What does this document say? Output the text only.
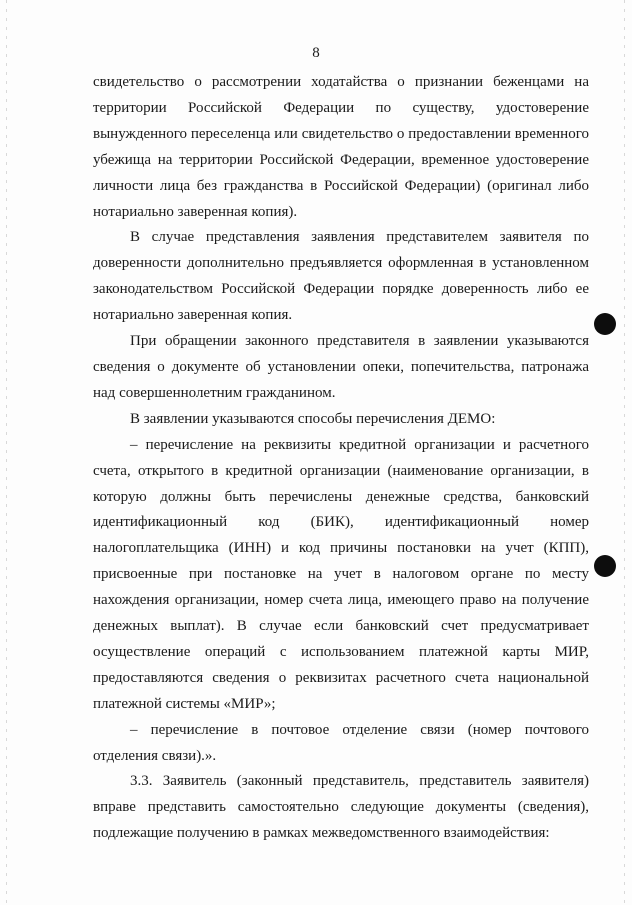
8

свидетельство о рассмотрении ходатайства о признании беженцами на территории Российской Федерации по существу, удостоверение вынужденного переселенца или свидетельство о предоставлении временного убежища на территории Российской Федерации, временное удостоверение личности лица без гражданства в Российской Федерации) (оригинал либо нотариально заверенная копия).

В случае представления заявления представителем заявителя по доверенности дополнительно предъявляется оформленная в установленном законодательством Российской Федерации порядке доверенность либо ее нотариально заверенная копия.

При обращении законного представителя в заявлении указываются сведения о документе об установлении опеки, попечительства, патронажа над совершеннолетним гражданином.

В заявлении указываются способы перечисления ДЕМО:

– перечисление на реквизиты кредитной организации и расчетного счета, открытого в кредитной организации (наименование организации, в которую должны быть перечислены денежные средства, банковский идентификационный код (БИК), идентификационный номер налогоплательщика (ИНН) и код причины постановки на учет (КПП), присвоенные при постановке на учет в налоговом органе по месту нахождения организации, номер счета лица, имеющего право на получение денежных выплат). В случае если банковский счет предусматривает осуществление операций с использованием платежной карты МИР, предоставляются сведения о реквизитах расчетного счета национальной платежной системы «МИР»;

– перечисление в почтовое отделение связи (номер почтового отделения связи).».

3.3. Заявитель (законный представитель, представитель заявителя) вправе представить самостоятельно следующие документы (сведения), подлежащие получению в рамках межведомственного взаимодействия:
